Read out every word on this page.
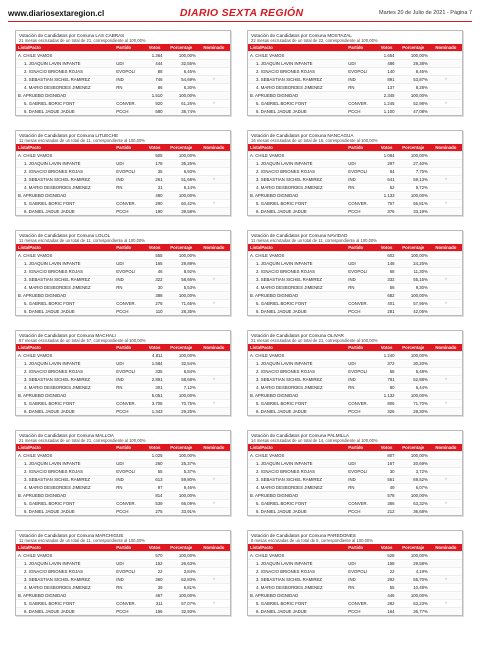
www.diariosextaregion.cl	DIARIO SEXTA REGIÓN	Martes 20 de Julio de 2021 - Página 7
Votación de Candidatos por Comuna LAS CABRAS
21 mesas escrutadas de un total de 21, correspondiente al 100,00%
Lista/Pacto	Partido	Votos	Porcentaje	Nominado
A. CHILE VAMOS		1.364	100,00%	
1. JOAQUIN LAVIN INFANTE	UDI	444	32,55%	
2. IGNACIO BRIONES ROJAS	EVOPOLI	88	6,45%	
3. SEBASTIAN SICHEL RAMIREZ	IND	746	54,69%	*
4. MARIO DESBORDES JIMENEZ	RN	86	6,30%	
B. APRUEBO DIGNIDAD		1.510	100,00%	
5. GABRIEL BORIC FONT	CONVER.	920	61,26%	*
6. DANIEL JADUE JADUE	PCCH	580	38,74%	
Votación de Candidatos por Comuna LITUECHE
11 mesas escrutadas de un total de 11, correspondiente al 100,00%
Lista/Pacto	Partido	Votos	Porcentaje	Nominado
A. CHILE VAMOS		505	100,00%	
1. JOAQUIN LAVIN INFANTE	UDI	178	35,25%	
2. IGNACIO BRIONES ROJAS	EVOPOLI	35	6,93%	
3. SEBASTIAN SICHEL RAMIREZ	IND	261	51,68%	*
4. MARIO DESBORDES JIMENEZ	RN	31	6,14%	
B. APRUEBO DIGNIDAD		480	100,00%	
5. GABRIEL BORIC FONT	CONVER.	290	60,42%	*
6. DANIEL JADUE JADUE	PCCH	190	39,58%	
Votación de Candidatos por Comuna LOLOL
11 mesas escrutadas de un total de 11, correspondiente al 100,00%
Lista/Pacto	Partido	Votos	Porcentaje	Nominado
A. CHILE VAMOS		555	100,00%	
1. JOAQUIN LAVIN INFANTE	UDI	165	29,89%	
2. IGNACIO BRIONES ROJAS	EVOPOLI	46	8,92%	
3. SEBASTIAN SICHEL RAMIREZ	IND	322	58,66%	*
4. MARIO DESBORDES JIMENEZ	RN	30	5,53%	
B. APRUEBO DIGNIDAD		388	100,00%	
5. GABRIEL BORIC FONT	CONVER.	278	71,65%	*
6. DANIEL JADUE JADUE	PCCH	110	28,35%	
Votación de Candidatos por Comuna MACHALI
57 mesas escrutadas de un total de 57, correspondiente al 100,00%
Lista/Pacto	Partido	Votos	Porcentaje	Nominado
A. CHILE VAMOS		4.811	100,00%	
1. JOAQUIN LAVIN INFANTE	UDI	1.584	32,54%	
2. IGNACIO BRIONES ROJAS	EVOPOLI	335	6,84%	
3. SEBASTIAN SICHEL RAMIREZ	IND	2.891	58,68%	*
4. MARIO DESBORDES JIMENEZ	RN	301	7,12%	
B. APRUEBO DIGNIDAD		5.051	100,00%	
5. GABRIEL BORIC FONT	CONVER.	3.708	70,75%	*
6. DANIEL JADUE JADUE	PCCH	1.343	29,25%	
Votación de Candidatos por Comuna MALLOA
21 mesas escrutadas de un total de 21, correspondiente al 100,00%
Lista/Pacto	Partido	Votos	Porcentaje	Nominado
A. CHILE VAMOS		1.025	100,00%	
1. JOAQUIN LAVIN INFANTE	UDI	260	25,37%	
2. IGNACIO BRIONES ROJAS	EVOPOLI	55	5,37%	
3. SEBASTIAN SICHEL RAMIREZ	IND	613	59,80%	*
4. MARIO DESBORDES JIMENEZ	RN	97	9,46%	
B. APRUEBO DIGNIDAD		814	100,00%	
5. GABRIEL BORIC FONT	CONVER.	539	66,09%	*
6. DANIEL JADUE JADUE	PCCH	275	33,91%	
Votación de Candidatos por Comuna MARCHIGUE
11 mesas escrutadas de un total de 11, correspondiente al 100,00%
Lista/Pacto	Partido	Votos	Porcentaje	Nominado
A. CHILE VAMOS		570	100,00%	
1. JOAQUIN LAVIN INFANTE	UDI	152	26,63%	
2. IGNACIO BRIONES ROJAS	EVOPOLI	22	3,84%	
3. SEBASTIAN SICHEL RAMIREZ	IND	360	62,83%	*
4. MARIO DESBORDES JIMENEZ	RN	39	6,81%	
B. APRUEBO DIGNIDAD		467	100,00%	
5. GABRIEL BORIC FONT	CONVER.	311	67,07%	*
6. DANIEL JADUE JADUE	PCCH	156	32,93%	
Votación de Candidatos por Comuna MOSTAZAL
22 mesas escrutadas de un total de 22, correspondiente al 100,00%
Lista/Pacto	Partido	Votos	Porcentaje	Nominado
A. CHILE VAMOS		1.654	100,00%	
1. JOAQUIN LAVIN INFANTE	UDI	486	29,38%	
2. IGNACIO BRIONES ROJAS	EVOPOLI	140	8,46%	
3. SEBASTIAN SICHEL RAMIREZ	IND	891	53,87%	*
4. MARIO DESBORDES JIMENEZ	RN	137	8,28%	
B. APRUEBO DIGNIDAD		2.345	100,00%	
5. GABRIEL BORIC FONT	CONVER.	1.245	52,98%	*
6. DANIEL JADUE JADUE	PCCH	1.100	47,08%	
Votación de Candidatos por Comuna NANCAGUA
16 mesas escrutadas de un total de 16, correspondiente al 100,00%
Lista/Pacto	Partido	Votos	Porcentaje	Nominado
A. CHILE VAMOS		1.084	100,00%	
1. JOAQUIN LAVIN INFANTE	UDI	297	27,40%	
2. IGNACIO BRIONES ROJAS	EVOPOLI	84	7,75%	
3. SEBASTIAN SICHEL RAMIREZ	IND	641	59,13%	*
4. MARIO DESBORDES JIMENEZ	RN	62	5,72%	
B. APRUEBO DIGNIDAD		1.133	100,00%	
5. GABRIEL BORIC FONT	CONVER.	757	66,81%	*
6. DANIEL JADUE JADUE	PCCH	376	33,19%	
Votación de Candidatos por Comuna NAVIDAD
11 mesas escrutadas de un total de 11, correspondiente al 100,00%
Lista/Pacto	Partido	Votos	Porcentaje	Nominado
A. CHILE VAMOS		602	100,00%	
1. JOAQUIN LAVIN INFANTE	UDI	146	24,25%	
2. IGNACIO BRIONES ROJAS	EVOPOLI	68	11,30%	
3. SEBASTIAN SICHEL RAMIREZ	IND	332	55,15%	*
4. MARIO DESBORDES JIMENEZ	RN	56	9,30%	
B. APRUEBO DIGNIDAD		682	100,00%	
5. GABRIEL BORIC FONT	CONVER.	401	57,95%	*
6. DANIEL JADUE JADUE	PCCH	281	42,05%	
Votación de Candidatos por Comuna OLIVAR
21 mesas escrutadas de un total de 21, correspondiente al 100,00%
Lista/Pacto	Partido	Votos	Porcentaje	Nominado
A. CHILE VAMOS		1.240	100,00%	
1. JOAQUIN LAVIN INFANTE	UDI	372	30,20%	
2. IGNACIO BRIONES ROJAS	EVOPOLI	68	5,48%	
3. SEBASTIAN SICHEL RAMIREZ	IND	781	52,88%	*
4. MARIO DESBORDES JIMENEZ	RN	80	6,44%	
B. APRUEBO DIGNIDAD		1.132	100,00%	
5. GABRIEL BORIC FONT	CONVER.	806	71,70%	*
6. DANIEL JADUE JADUE	PCCH	326	28,30%	
Votación de Candidatos por Comuna PALMILLA
14 mesas escrutadas de un total de 14, correspondiente al 100,00%
Lista/Pacto	Partido	Votos	Porcentaje	Nominado
A. CHILE VAMOS		807	100,00%	
1. JOAQUIN LAVIN INFANTE	UDI	167	20,69%	
2. IGNACIO BRIONES ROJAS	EVOPOLI	30	3,72%	
3. SEBASTIAN SICHEL RAMIREZ	IND	561	69,52%	*
4. MARIO DESBORDES JIMENEZ	RN	49	6,07%	
B. APRUEBO DIGNIDAD		578	100,00%	
5. GABRIEL BORIC FONT	CONVER.	366	63,32%	*
6. DANIEL JADUE JADUE	PCCH	212	36,68%	
Votación de Candidatos por Comuna PAREDONES
8 mesas escrutadas de un total de 8, correspondiente al 100,00%
Lista/Pacto	Partido	Votos	Porcentaje	Nominado
A. CHILE VAMOS		528	100,00%	
1. JOAQUIN LAVIN INFANTE	UDI	158	29,58%	
2. IGNACIO BRIONES ROJAS	EVOPOLI	22	4,19%	
3. SEBASTIAN SICHEL RAMIREZ	IND	292	55,70%	*
4. MARIO DESBORDES JIMENEZ	RN	55	10,49%	
B. APRUEBO DIGNIDAD		446	100,00%	
5. GABRIEL BORIC FONT	CONVER.	282	63,23%	*
6. DANIEL JADUE JADUE	PCCH	164	36,77%	
